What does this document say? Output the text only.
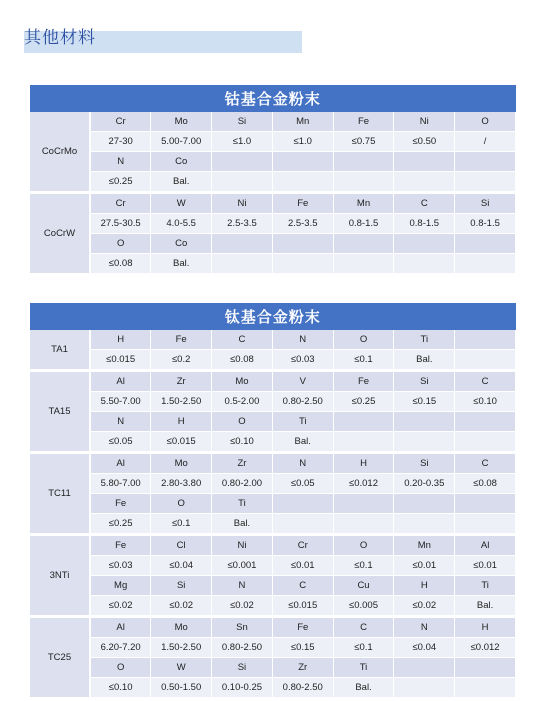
其他材料
钴基合金粉末							
CoCrMo	Cr	Mo	Si	Mn	Fe	Ni	O
	27-30	5.00-7.00	≤1.0	≤1.0	≤0.75	≤0.50	/
	N	Co					
	≤0.25	Bal.					
CoCrW	Cr	W	Ni	Fe	Mn	C	Si
	27.5-30.5	4.0-5.5	2.5-3.5	2.5-3.5	0.8-1.5	0.8-1.5	0.8-1.5
	O	Co					
	≤0.08	Bal.					
钛基合金粉末							
TA1	H	Fe	C	N	O	Ti	
	≤0.015	≤0.2	≤0.08	≤0.03	≤0.1	Bal.	
TA15	Al	Zr	Mo	V	Fe	Si	C
	5.50-7.00	1.50-2.50	0.5-2.00	0.80-2.50	≤0.25	≤0.15	≤0.10
	N	H	O	Ti			
	≤0.05	≤0.015	≤0.10	Bal.			
TC11	Al	Mo	Zr	N	H	Si	C
	5.80-7.00	2.80-3.80	0.80-2.00	≤0.05	≤0.012	0.20-0.35	≤0.08
	Fe	O	Ti				
	≤0.25	≤0.1	Bal.				
3NTi	Fe	Cl	Ni	Cr	O	Mn	Al
	≤0.03	≤0.04	≤0.001	≤0.01	≤0.1	≤0.01	≤0.01
	Mg	Si	N	C	Cu	H	Ti
	≤0.02	≤0.02	≤0.02	≤0.015	≤0.005	≤0.02	Bal.
TC25	Al	Mo	Sn	Fe	C	N	H
	6.20-7.20	1.50-2.50	0.80-2.50	≤0.15	≤0.1	≤0.04	≤0.012
	O	W	Si	Zr	Ti		
	≤0.10	0.50-1.50	0.10-0.25	0.80-2.50	Bal.		
